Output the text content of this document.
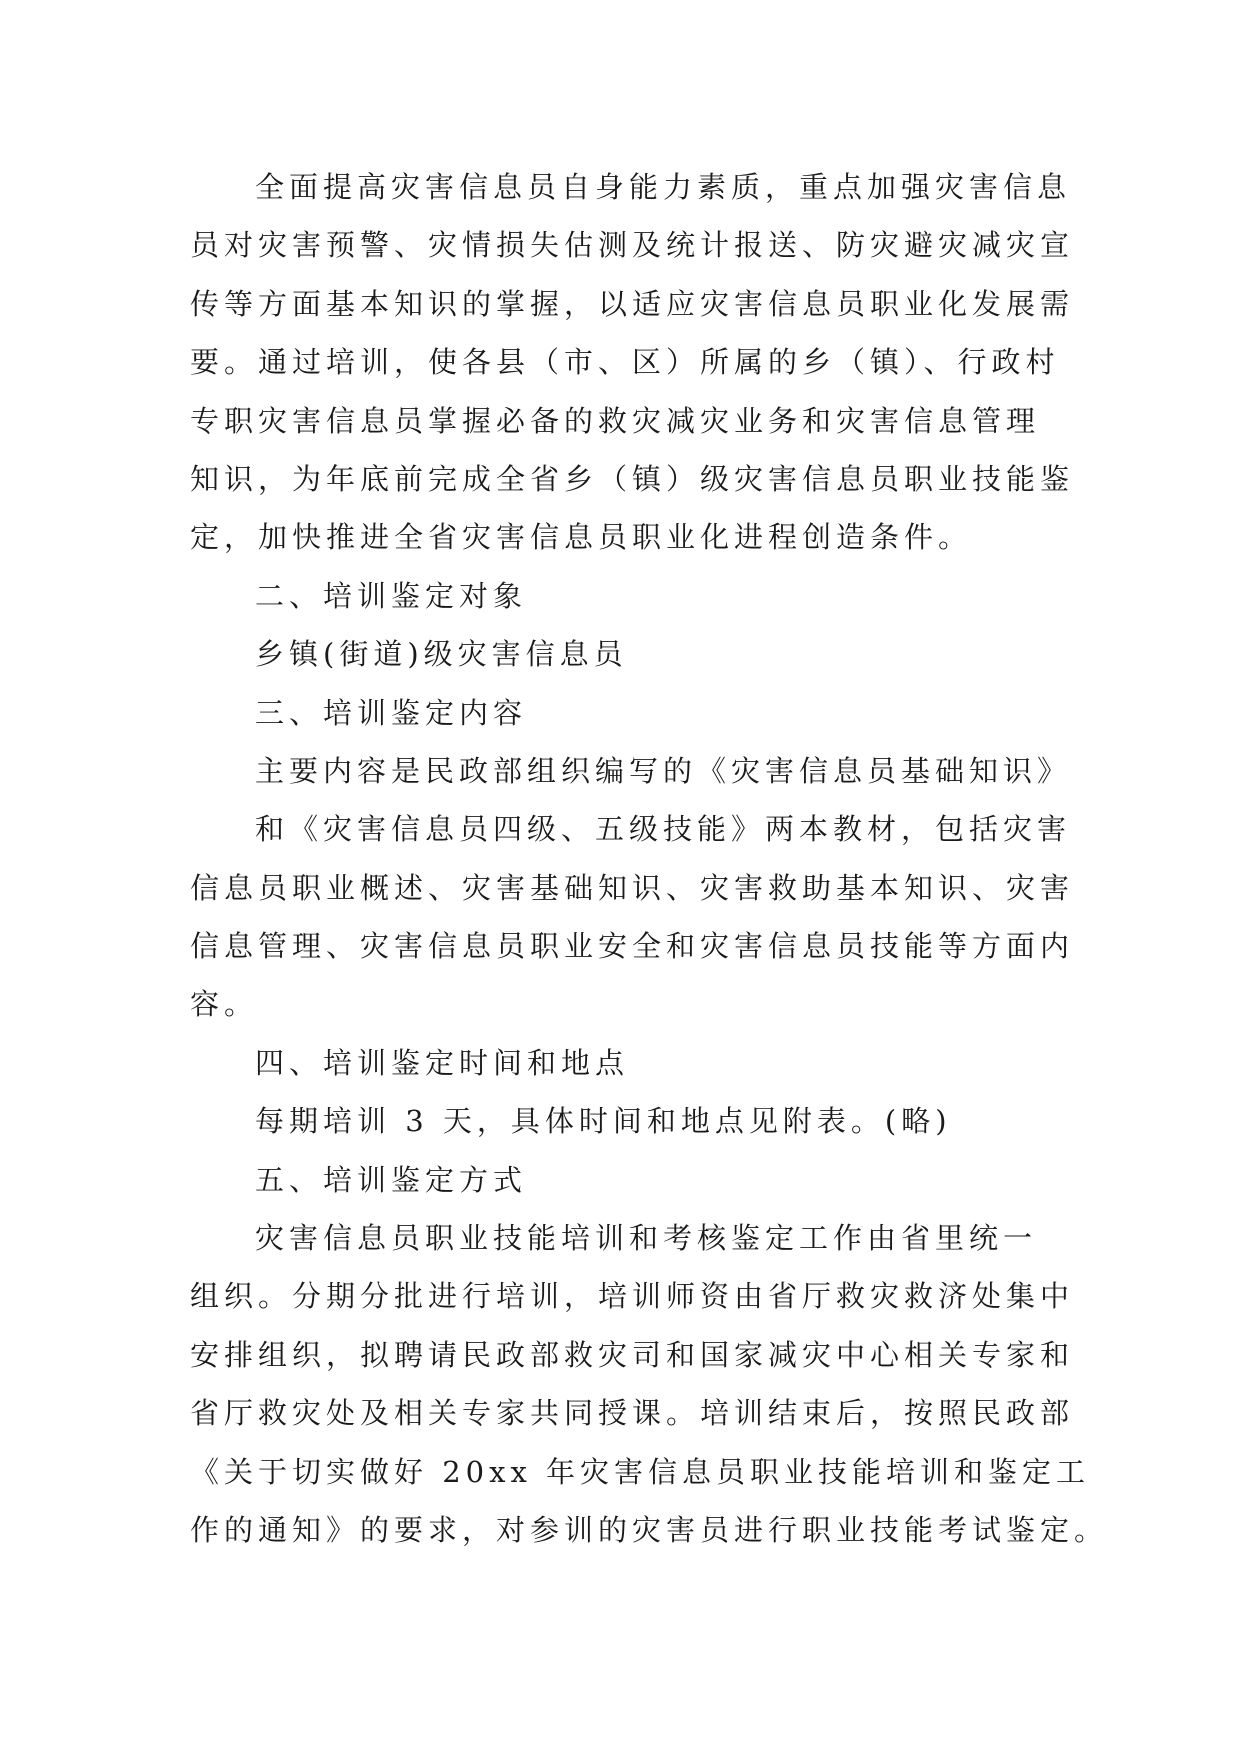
全面提高灾害信息员自身能力素质，重点加强灾害信息
员对灾害预警、灾情损失估测及统计报送、防灾避灾减灾宣
传等方面基本知识的掌握，以适应灾害信息员职业化发展需
要。通过培训，使各县（市、区）所属的乡（镇）、行政村
专职灾害信息员掌握必备的救灾减灾业务和灾害信息管理
知识，为年底前完成全省乡（镇）级灾害信息员职业技能鉴
定，加快推进全省灾害信息员职业化进程创造条件。
二、培训鉴定对象
乡镇(街道)级灾害信息员
三、培训鉴定内容
主要内容是民政部组织编写的《灾害信息员基础知识》
和《灾害信息员四级、五级技能》两本教材，包括灾害
信息员职业概述、灾害基础知识、灾害救助基本知识、灾害
信息管理、灾害信息员职业安全和灾害信息员技能等方面内
容。
四、培训鉴定时间和地点
每期培训 3 天，具体时间和地点见附表。(略)
五、培训鉴定方式
灾害信息员职业技能培训和考核鉴定工作由省里统一
组织。分期分批进行培训，培训师资由省厅救灾救济处集中
安排组织，拟聘请民政部救灾司和国家减灾中心相关专家和
省厅救灾处及相关专家共同授课。培训结束后，按照民政部
《关于切实做好 20xx 年灾害信息员职业技能培训和鉴定工
作的通知》的要求，对参训的灾害员进行职业技能考试鉴定。
